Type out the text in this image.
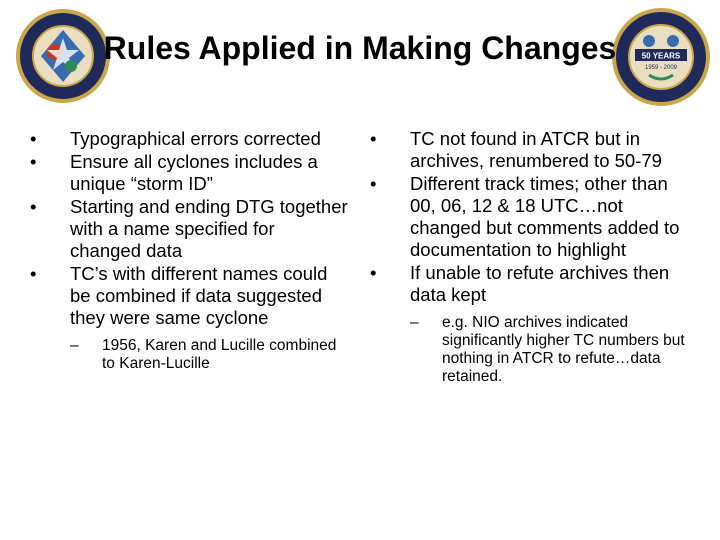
50 YEARS
1959 - 2009
Rules Applied in Making Changes
•	Typographical errors corrected
•	Ensure all cyclones includes a unique “storm ID”
•	Starting and ending DTG together with a name specified for changed data
•	TC’s with different names could be combined if data suggested they were same cyclone
– 1956, Karen and Lucille combined to Karen-Lucille
•	TC not found in ATCR but in archives, renumbered to 50-79
•	Different track times; other than 00, 06, 12 & 18 UTC…not changed but comments added to documentation to highlight
•	If unable to refute archives then data kept
– e.g. NIO archives indicated significantly higher TC numbers but nothing in ATCR to refute…data retained.
